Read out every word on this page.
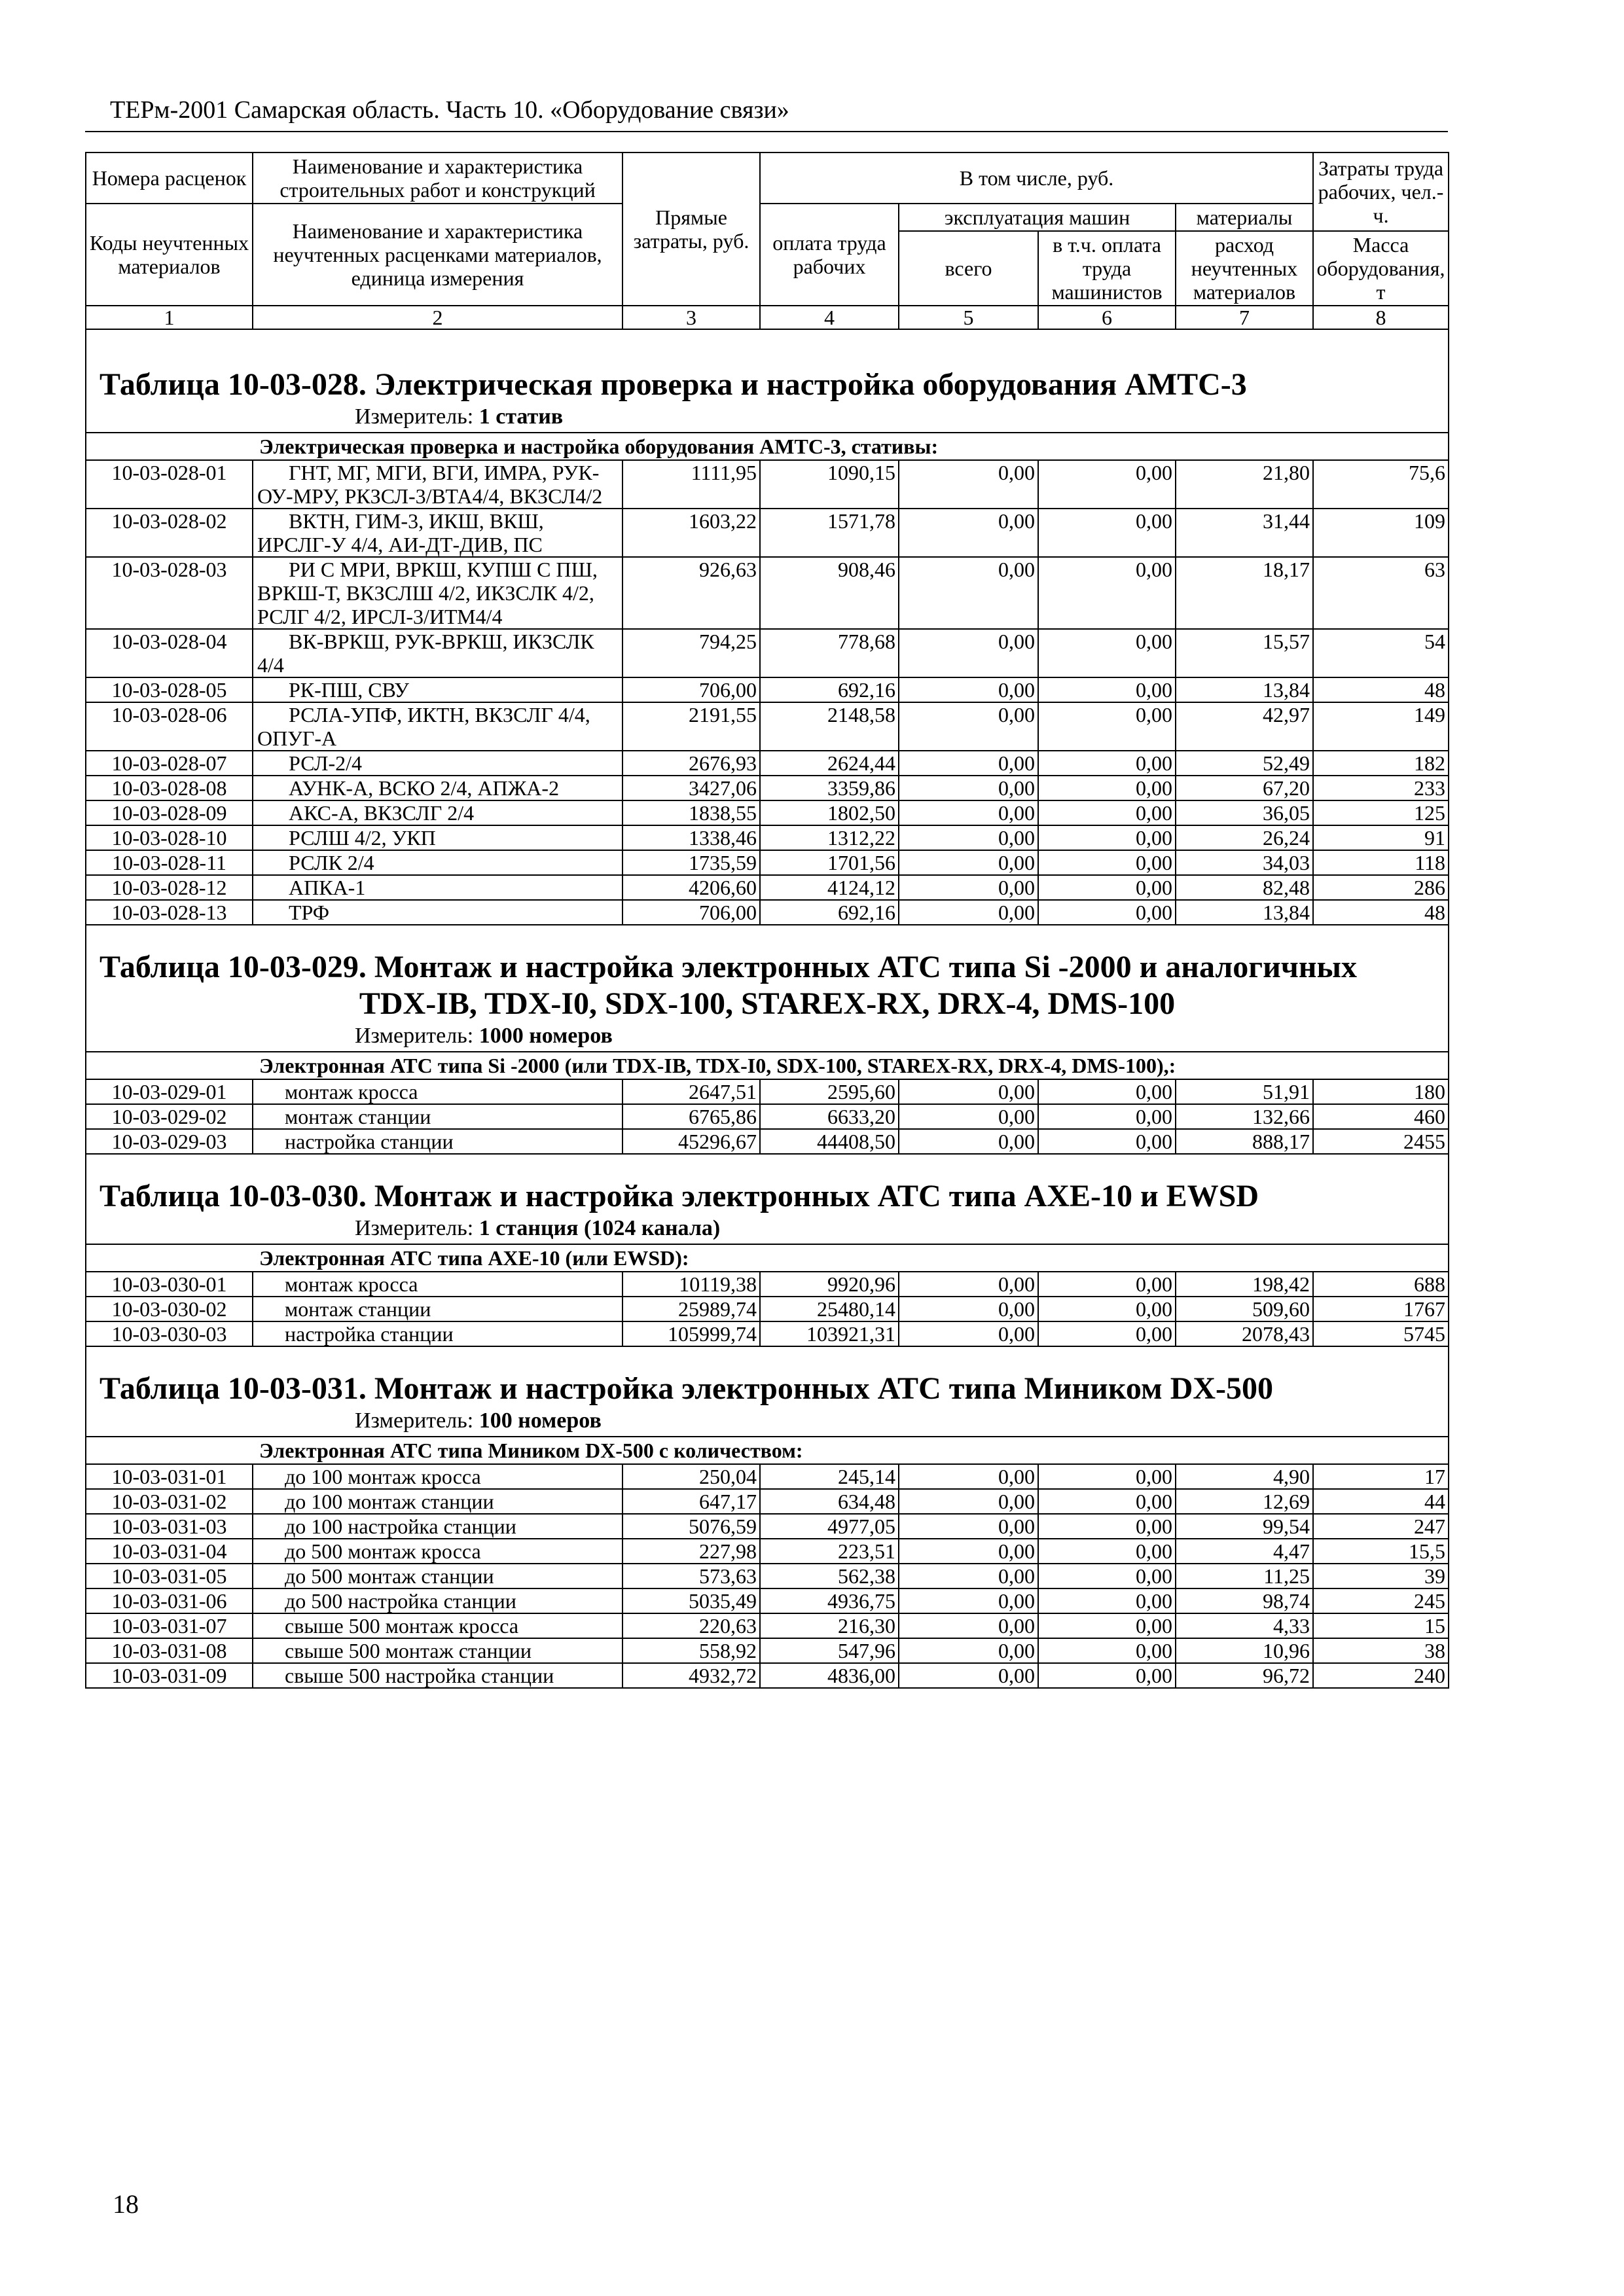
ТЕРм-2001 Самарская область. Часть 10. «Оборудование связи»
Номера расценок	Наименование и характеристика строительных работ и конструкций	Прямые затраты, руб.	В том числе, руб.				Затраты труда рабочих, чел.-ч.
Коды неучтенных материалов	Наименование и характеристика неучтенных расценками материалов, единица измерения		оплата труда рабочих	эксплуатация машин		материалы	
				всего	в т.ч. оплата труда машинистов	расход неучтенных материалов	Масса оборудования, т
1	2	3	4	5	6	7	8

Таблица 10-03-028. Электрическая проверка и настройка оборудования АМТС-3
Измеритель: 1 статив							

Электрическая проверка и настройка оборудования АМТС-3, стативы:							
10-03-028-01	ГНТ, МГ, МГИ, ВГИ, ИМРА, РУК-ОУ-МРУ, РКЗСЛ-3/ВТА4/4, ВКЗСЛ4/2	1111,95	1090,15	0,00	0,00	21,80	75,6
10-03-028-02	ВКТН, ГИМ-3, ИКШ, ВКШ, ИРСЛГ-У 4/4, АИ-ДТ-ДИВ, ПС	1603,22	1571,78	0,00	0,00	31,44	109
10-03-028-03	РИ С МРИ, ВРКШ, КУПШ С ПШ, ВРКШ-Т, ВКЗСЛШ 4/2, ИКЗСЛК 4/2, РСЛГ 4/2, ИРСЛ-3/ИТМ4/4	926,63	908,46	0,00	0,00	18,17	63
10-03-028-04	ВК-ВРКШ, РУК-ВРКШ, ИКЗСЛК 4/4	794,25	778,68	0,00	0,00	15,57	54
10-03-028-05	РК-ПШ, СВУ	706,00	692,16	0,00	0,00	13,84	48
10-03-028-06	РСЛА-УПФ, ИКТН, ВКЗСЛГ 4/4, ОПУГ-А	2191,55	2148,58	0,00	0,00	42,97	149
10-03-028-07	РСЛ-2/4	2676,93	2624,44	0,00	0,00	52,49	182
10-03-028-08	АУНК-А, ВСКО 2/4, АПЖА-2	3427,06	3359,86	0,00	0,00	67,20	233
10-03-028-09	АКС-А, ВКЗСЛГ 2/4	1838,55	1802,50	0,00	0,00	36,05	125
10-03-028-10	РСЛШ 4/2, УКП	1338,46	1312,22	0,00	0,00	26,24	91
10-03-028-11	РСЛК 2/4	1735,59	1701,56	0,00	0,00	34,03	118
10-03-028-12	АПКА-1	4206,60	4124,12	0,00	0,00	82,48	286
10-03-028-13	ТРФ	706,00	692,16	0,00	0,00	13,84	48

Таблица 10-03-029. Монтаж и настройка электронных АТС типа Si -2000 и аналогичных
TDX-IB, TDX-I0, SDX-100, STAREX-RX, DRX-4, DMS-100
Измеритель: 1000 номеров							

Электронная АТС типа Si -2000 (или TDX-IB, TDX-I0, SDX-100, STAREX-RX, DRX-4, DMS-100),:							
10-03-029-01	монтаж кросса	2647,51	2595,60	0,00	0,00	51,91	180
10-03-029-02	монтаж станции	6765,86	6633,20	0,00	0,00	132,66	460
10-03-029-03	настройка станции	45296,67	44408,50	0,00	0,00	888,17	2455

Таблица 10-03-030. Монтаж и настройка электронных АТС типа АХЕ-10 и EWSD
Измеритель: 1 станция (1024 канала)							

Электронная АТС типа АХЕ-10 (или EWSD):							
10-03-030-01	монтаж кросса	10119,38	9920,96	0,00	0,00	198,42	688
10-03-030-02	монтаж станции	25989,74	25480,14	0,00	0,00	509,60	1767
10-03-030-03	настройка станции	105999,74	103921,31	0,00	0,00	2078,43	5745

Таблица 10-03-031. Монтаж и настройка электронных АТС типа Миником DX-500
Измеритель: 100 номеров							

Электронная АТС типа Миником DX-500 с количеством:							
10-03-031-01	до 100 монтаж кросса	250,04	245,14	0,00	0,00	4,90	17
10-03-031-02	до 100 монтаж станции	647,17	634,48	0,00	0,00	12,69	44
10-03-031-03	до 100 настройка станции	5076,59	4977,05	0,00	0,00	99,54	247
10-03-031-04	до 500 монтаж кросса	227,98	223,51	0,00	0,00	4,47	15,5
10-03-031-05	до 500 монтаж станции	573,63	562,38	0,00	0,00	11,25	39
10-03-031-06	до 500 настройка станции	5035,49	4936,75	0,00	0,00	98,74	245
10-03-031-07	свыше 500 монтаж кросса	220,63	216,30	0,00	0,00	4,33	15
10-03-031-08	свыше 500 монтаж станции	558,92	547,96	0,00	0,00	10,96	38
10-03-031-09	свыше 500 настройка станции	4932,72	4836,00	0,00	0,00	96,72	240
18
